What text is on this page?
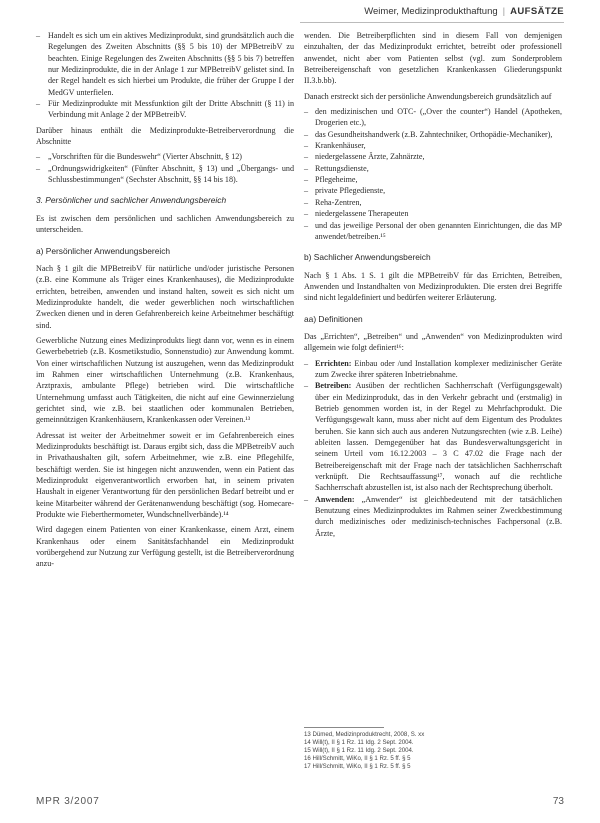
Weimer, Medizinprodukthaftung | AUFSÄTZE
– Handelt es sich um ein aktives Medizinprodukt, sind grundsätzlich auch die Regelungen des Zweiten Abschnitts (§§ 5 bis 10) der MPBetreibV zu beachten. Einige Regelungen des Zweiten Abschnitts (§§ 5 bis 7) betreffen nur Medizinprodukte, die in der Anlage 1 zur MPBetreibV gelistet sind. In der Regel handelt es sich hierbei um Produkte, die früher der Gruppe I der MedGV unterfielen.
– Für Medizinprodukte mit Messfunktion gilt der Dritte Abschnitt (§ 11) in Verbindung mit Anlage 2 der MPBetreibV.

Darüber hinaus enthält die Medizinprodukte-Betreiberverordnung die Abschnitte

– „Vorschriften für die Bundeswehr“ (Vierter Abschnitt, § 12)
– „Ordnungswidrigkeiten“ (Fünfter Abschnitt, § 13) und „Übergangs- und Schlussbestimmungen“ (Sechster Abschnitt, §§ 14 bis 18).
3. Persönlicher und sachlicher Anwendungsbereich

Es ist zwischen dem persönlichen und sachlichen Anwendungsbereich zu unterscheiden.

a) Persönlicher Anwendungsbereich

Nach § 1 gilt die MPBetreibV für natürliche und/oder juristische Personen (z.B. eine Kommune als Träger eines Krankenhauses), die Medizinprodukte errichten, betreiben, anwenden und instand halten, soweit es sich nicht um Medizinprodukte handelt, die weder gewerblichen noch wirtschaftlichen Zwecken dienen und in deren Gefahrenbereich keine Arbeitnehmer beschäftigt sind.

Gewerbliche Nutzung eines Medizinprodukts liegt dann vor, wenn es in einem Gewerbebetrieb (z.B. Kosmetikstudio, Sonnenstudio) zur Anwendung kommt. Von einer wirtschaftlichen Nutzung ist auszugehen, wenn das Medizinprodukt im Rahmen einer wirtschaftlichen Unternehmung (z.B. Krankenhaus, Arztpraxis, ambulante Pflege) betrieben wird. Die wirtschaftliche Unternehmung umfasst auch Tätigkeiten, die nicht auf eine Gewinnerzielung gerichtet sind, wie z.B. bei staatlichen oder kommunalen Betrieben, gemeinnützigen Krankenhäusern, Krankenkassen oder Vereinen.¹³

Adressat ist weiter der Arbeitnehmer soweit er im Gefahrenbereich eines Medizinprodukts beschäftigt ist. Daraus ergibt sich, dass die MPBetreibV auch in Privathaushalten gilt, sofern Arbeitnehmer, wie z.B. eine Pflegehilfe, beschäftigt werden. Sie ist hingegen nicht anzuwenden, wenn ein Patient das Medizinprodukt eigenverantwortlich erworben hat, in seinem privaten Haushalt in eigener Verantwortung für den persönlichen Bedarf betreibt und er keine Mitarbeiter während der Gerätenanwendung beschäftigt (sog. Homecare-Produkte wie Fieberthermometer, Wundschnellverbände).¹⁴

Wird dagegen einem Patienten von einer Krankenkasse, einem Arzt, einem Krankenhaus oder einem Sanitätsfachhandel ein Medizinprodukt vorübergehend zur Nutzung zur Verfügung gestellt, ist die Betreiberverordnung anzu-

wenden. Die Betreiberpflichten sind in diesem Fall von demjenigen einzuhalten, der das Medizinprodukt errichtet, betreibt oder professionell anwendet, nicht aber vom Patienten selbst (vgl. zum Sonderproblem Betreibereigenschaft von gesetzlichen Krankenkassen Gliederungspunkt II.3.b.bb).

Danach erstreckt sich der persönliche Anwendungsbereich grundsätzlich auf

– den medizinischen und OTC- („Over the counter“) Handel (Apotheken, Drogerien etc.),
– das Gesundheitshandwerk (z.B. Zahntechniker, Orthopädie-Mechaniker),
– Krankenhäuser,
– niedergelassene Ärzte, Zahnärzte,
– Rettungsdienste,
– Pflegeheime,
– private Pflegedienste,
– Reha-Zentren,
– niedergelassene Therapeuten
– und das jeweilige Personal der oben genannten Einrichtungen, die das MP anwendet/betreiben.¹⁵
b) Sachlicher Anwendungsbereich

Nach § 1 Abs. 1 S. 1 gilt die MPBetreibV für das Errichten, Betreiben, Anwenden und Instandhalten von Medizinprodukten. Die ersten drei Begriffe sind nicht legaldefiniert und bedürfen weiterer Erläuterung.

aa) Definitionen

Das „Errichten“, „Betreiben“ und „Anwenden“ von Medizinprodukten wird allgemein wie folgt definiert¹⁶:

– Errichten: Einbau oder /und Installation komplexer medizinischer Geräte zum Zwecke ihrer späteren Inbetriebnahme.
– Betreiben: Ausüben der rechtlichen Sachherrschaft (Verfügungsgewalt) über ein Medizinprodukt, das in den Verkehr gebracht und (erstmalig) in Betrieb genommen worden ist, in der Regel zu Mehrfachprodukt. Die Verfügungsgewalt kann, muss aber nicht auf dem Eigentum des Produktes beruhen. Sie kann sich auch aus anderen Nutzungsrechten (wie z.B. Leihe) ableiten lassen. Demgegenüber hat das Bundesverwaltungsgericht in seinem Urteil vom 16.12.2003 – 3 C 47.02 die Frage nach der Betreibereigenschaft mit der Frage nach der tatsächlichen Sachherrschaft verknüpft. Die Rechtsauffassung¹⁷, wonach auf die rechtliche Sachherrschaft abzustellen ist, ist also nach der Rechtsprechung überholt.
– Anwenden: „Anwender“ ist gleichbedeutend mit der tatsächlichen Benutzung eines Medizinproduktes im Rahmen seiner Zweckbestimmung durch medizinisches oder medizinisch-technisches Fachpersonal (z.B. Ärzte,
13 Dümed, Medizinproduktrecht, 2008, S. xx
14 Will(t), II § 1 Rz. 11 Idg. 2 Sept. 2004.
15 Will(t), II § 1 Rz. 11 Idg. 2 Sept. 2004.
16 Hill/Schmitt, WiKo, II § 1 Rz. 5 ff. § 5
17 Hill/Schmitt, WiKo, II § 1 Rz. 5 ff. § 5
MPR 3/2007	73
